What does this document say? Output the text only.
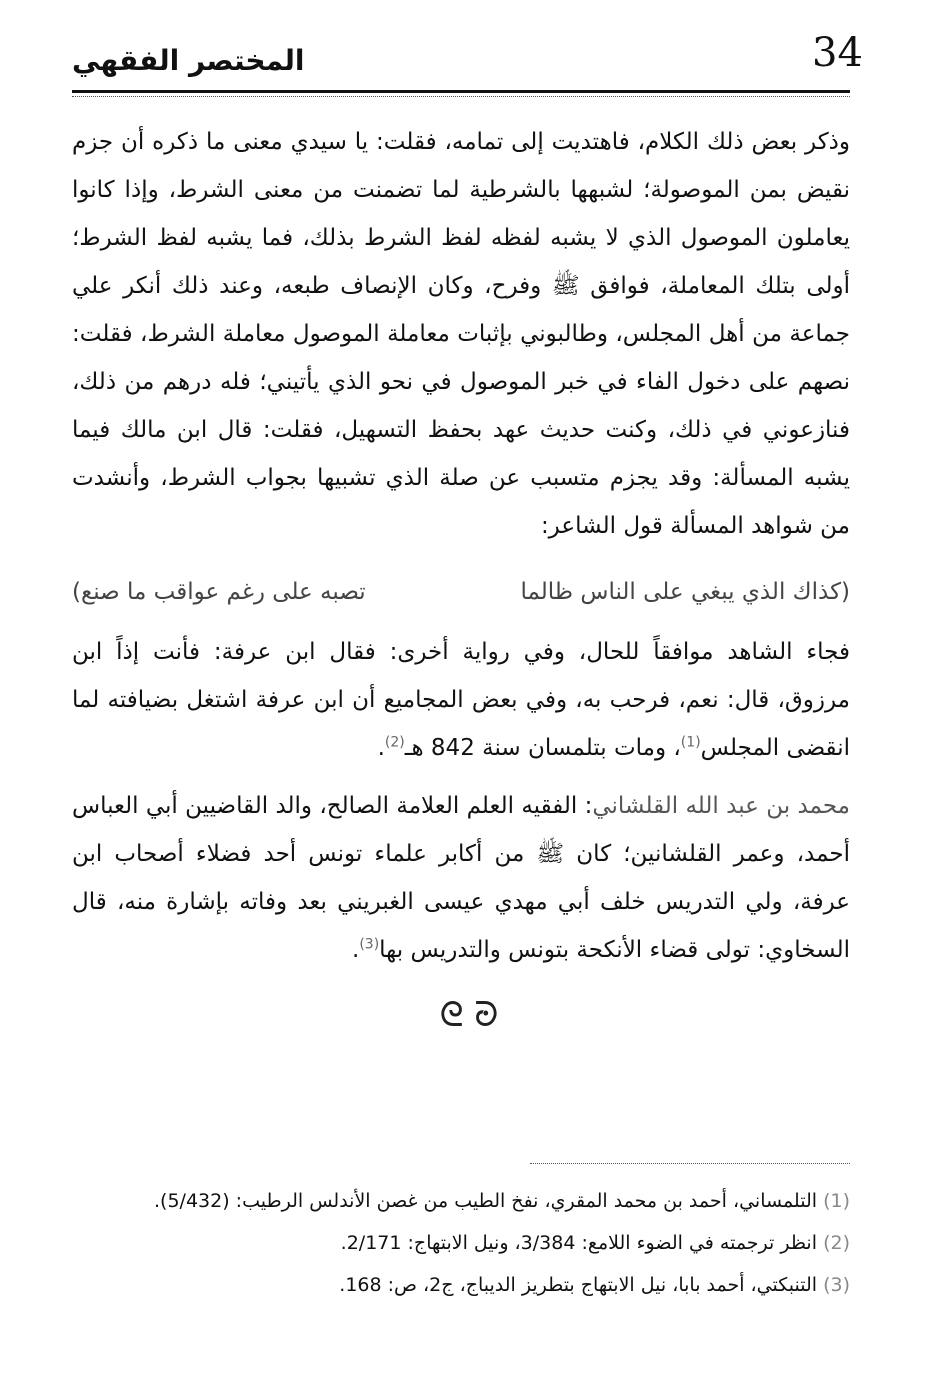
34
المختصر الفقهي

وذكر بعض ذلك الكلام، فاهتديت إلى تمامه، فقلت: يا سيدي معنى ما ذكره أن جزم نقيض بمن الموصولة؛ لشبهها بالشرطية لما تضمنت من معنى الشرط، وإذا كانوا يعاملون الموصول الذي لا يشبه لفظه لفظ الشرط بذلك، فما يشبه لفظ الشرط؛ أولى بتلك المعاملة، فوافق ﷺ وفرح، وكان الإنصاف طبعه، وعند ذلك أنكر علي جماعة من أهل المجلس، وطالبوني بإثبات معاملة الموصول معاملة الشرط، فقلت: نصهم على دخول الفاء في خبر الموصول في نحو الذي يأتيني؛ فله درهم من ذلك، فنازعوني في ذلك، وكنت حديث عهد بحفظ التسهيل، فقلت: قال ابن مالك فيما يشبه المسألة: وقد يجزم متسبب عن صلة الذي تشبيها بجواب الشرط، وأنشدت من شواهد المسألة قول الشاعر:

(كذاك الذي يبغي على الناس ظالما
تصبه على رغم عواقب ما صنع)

فجاء الشاهد موافقاً للحال، وفي رواية أخرى: فقال ابن عرفة: فأنت إذاً ابن مرزوق، قال: نعم، فرحب به، وفي بعض المجاميع أن ابن عرفة اشتغل بضيافته لما انقضى المجلس$^{(1)}$، ومات بتلمسان سنة 842 هـ$^{(2)}$.

محمد بن عبد الله القلشاني: الفقيه العلم العلامة الصالح، والد القاضيين أبي العباس أحمد، وعمر القلشانين؛ كان ﷺ من أكابر علماء تونس أحد فضلاء أصحاب ابن عرفة، ولي التدريس خلف أبي مهدي عيسى الغبريني بعد وفاته بإشارة منه، قال السخاوي: تولى قضاء الأنكحة بتونس والتدريس بها$^{(3)}$.

ᘓ ᘒ

(1) التلمساني، أحمد بن محمد المقري، نفخ الطيب من غصن الأندلس الرطيب: (5/432).

(2) انظر ترجمته في الضوء اللامع: 3/384، ونيل الابتهاج: 2/171.

(3) التنبكتي، أحمد بابا، نيل الابتهاج بتطريز الديباج، ج2، ص: 168.
